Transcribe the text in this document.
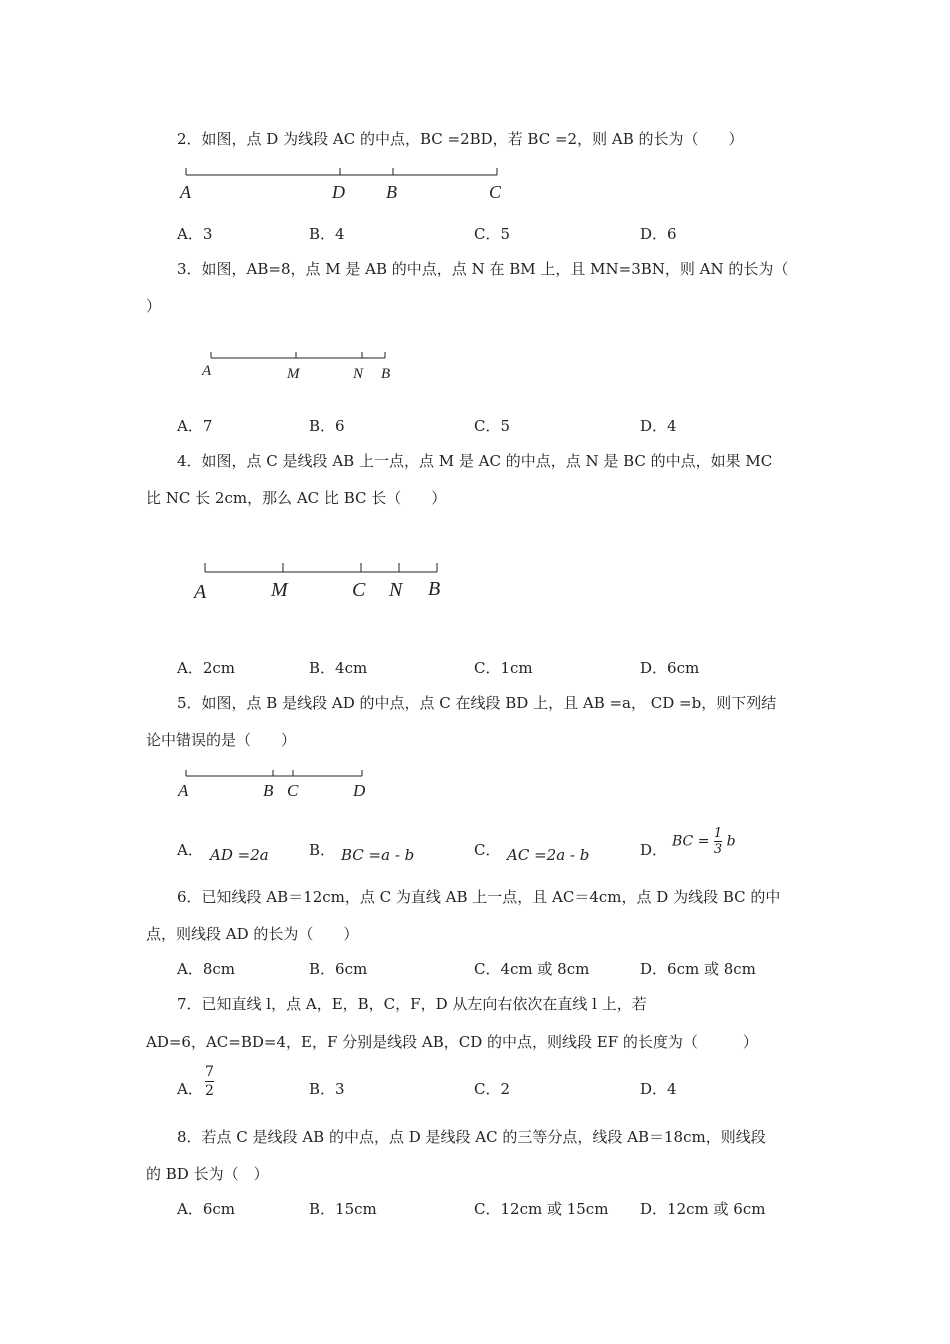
2．如图，点 D 为线段 AC 的中点，BC =2BD，若 BC =2，则 AB 的长为（　　）
A	D B	C
A．3	B．4	C．5	D．6
3．如图，AB=8，点 M 是 AB 的中点，点 N 在 BM 上，且 MN=3BN，则 AN 的长为（
）
A	M	N B
A．7	B．6	C．5	D．4
4．如图，点 C 是线段 AB 上一点，点 M 是 AC 的中点，点 N 是 BC 的中点，如果 MC
比 NC 长 2cm，那么 AC 比 BC 长（　　）
A	M	C N B
A．2cm	B．4cm	C．1cm	D．6cm
5．如图，点 B 是线段 AD 的中点，点 C 在线段 BD 上，且 AB =a， CD =b，则下列结
论中错误的是（　　）
A	B C	D
A． AD =2a	B． BC =a - b	C． AC =2a - b	D． BC = $\frac{1}{3}$ b
6．已知线段 AB＝12cm，点 C 为直线 AB 上一点，且 AC＝4cm，点 D 为线段 BC 的中
点，则线段 AD 的长为（　　）
A．8cm	B．6cm	C．4cm 或 8cm	D．6cm 或 8cm
7．已知直线 l，点 A，E，B，C，F，D 从左向右依次在直线 l 上，若
AD=6，AC=BD=4，E，F 分别是线段 AB，CD 的中点，则线段 EF 的长度为（　　　）
A． $\frac{7}{2}$	B．3	C．2	D．4
8．若点 C 是线段 AB 的中点，点 D 是线段 AC 的三等分点，线段 AB＝18cm，则线段
的 BD 长为（　）
A．6cm	B．15cm	C．12cm 或 15cm D．12cm 或 6cm
